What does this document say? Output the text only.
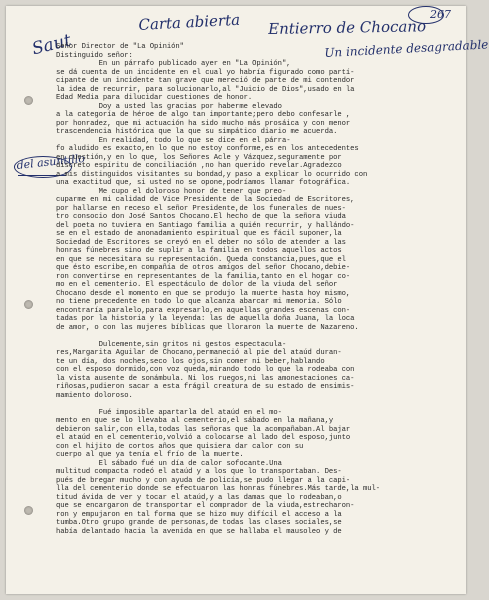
Saut

Carta abierta Entierro de Chocano

267

Un incidente desagradable

del asuntillo

Señor Director de "La Opinión"
Distinguido señor:
En un párrafo publicado ayer en "La Opinión",
se dá cuenta de un incidente en el cual yo habría figurado como partí-
cipante de un incidente tan grave que mereció de parte de mi contendor
la idea de recurrir, para solucionarlo,al "Juicio de Dios",usado en la
Edad Media para dilucidar cuestiones de honor.
Doy a usted las gracias por haberme elevado
a la categoría de héroe de algo tan importante;pero debo confesarle ,
por honradez, que mi actuación ha sido mucho más prosáica y con menor
trascendencia histórica que la que su simpático diario me acuerda.
En realidad, todo lo que se dice en el párra-
fo aludido es exacto,en lo que no estoy conforme,es en los antecedentes
en cuestión,y en lo que, los Señores Acle y Vázquez,seguramente por
discreto espíritu de conciliación ,no han querido revelar.Agradezco
a mis distinguidos visitantes su bondad,y paso a explicar lo ocurrido con
una exactitud que, si usted no se opone,podríamos llamar fotográfica.
Me cupo el doloroso honor de tener que preo-
cuparme en mi calidad de Vice Presidente de la Sociedad de Escritores,
por hallarse en receso el señor Presidente,de los funerales de nues-
tro consocio don José Santos Chocano.El hecho de que la señora viuda
del poeta no tuviera en Santiago familia a quién recurrir, y hallándo-
se en el estado de anonadamiento espiritual que es fácil suponer,la
Sociedad de Escritores se creyó en el deber no sólo de atender a las
honras fúnebres sino de suplir a la familia en todos aquellos actos
en que se necesitara su representación. Queda constancia,pues,que el
que ésto escribe,en compañía de otros amigos del señor Chocano,debie-
ron convertirse en representantes de la familia,tanto en el hogar co-
mo en el cementerio. El espectáculo de dolor de la viuda del señor
Chocano desde el momento en que se produjo la muerte hasta hoy mismo,
no tiene precedente en todo lo que alcanza abarcar mi memoria. Sólo
encontraría paralelo,para expresarlo,en aquellas grandes escenas con-
tadas por la historia y la leyenda: las de aquella doña Juana, la loca
de amor, o con las mujeres bíblicas que lloraron la muerte de Nazareno.
Dulcemente,sin gritos ni gestos espectacula-
res,Margarita Aguilar de Chocano,permaneció al pie del ataúd duran-
te un día, dos noches,seco los ojos,sin comer ni beber,hablando
con el esposo dormido,con voz queda,mirando todo lo que la rodeaba con
la vista ausente de sonámbula. Ni los ruegos,ni las amonestaciones ca-
riñosas,pudieron sacar a esta frágil creatura de su estado de ensimis-
mamiento doloroso.
Fué imposible apartarla del ataúd en el mo-
mento en que se lo llevaba al cementerio,el sábado en la mañana,y
debieron salir,con ella,todas las señoras que la acompañaban.Al bajar
el ataúd en el cementerio,volvió a colocarse al lado del esposo,junto
con el hijito de cortos años que quisiera dar calor con su
cuerpo al que ya tenía el frío de la muerte.
El sábado fué un día de calor sofocante.Una
multitud compacta rodeó el ataúd y a los que lo transportaban. Des-
pués de bregar mucho y con ayuda de policía,se pudo llegar a la capi-
lla del cementerio donde se efectuaron las honras fúnebres.Más tarde,la mul-
titud ávida de ver y tocar el ataúd,y a las damas que lo rodeaban,o
que se encargaron de transportar el comprador de la viuda,estrecharon-
ron y empujaron en tal forma que se hizo muy difícil el acceso a la
tumba.Otro grupo grande de personas,de todas las clases sociales,se
había delantado hacia la avenida en que se hallaba el mausoleo y de
